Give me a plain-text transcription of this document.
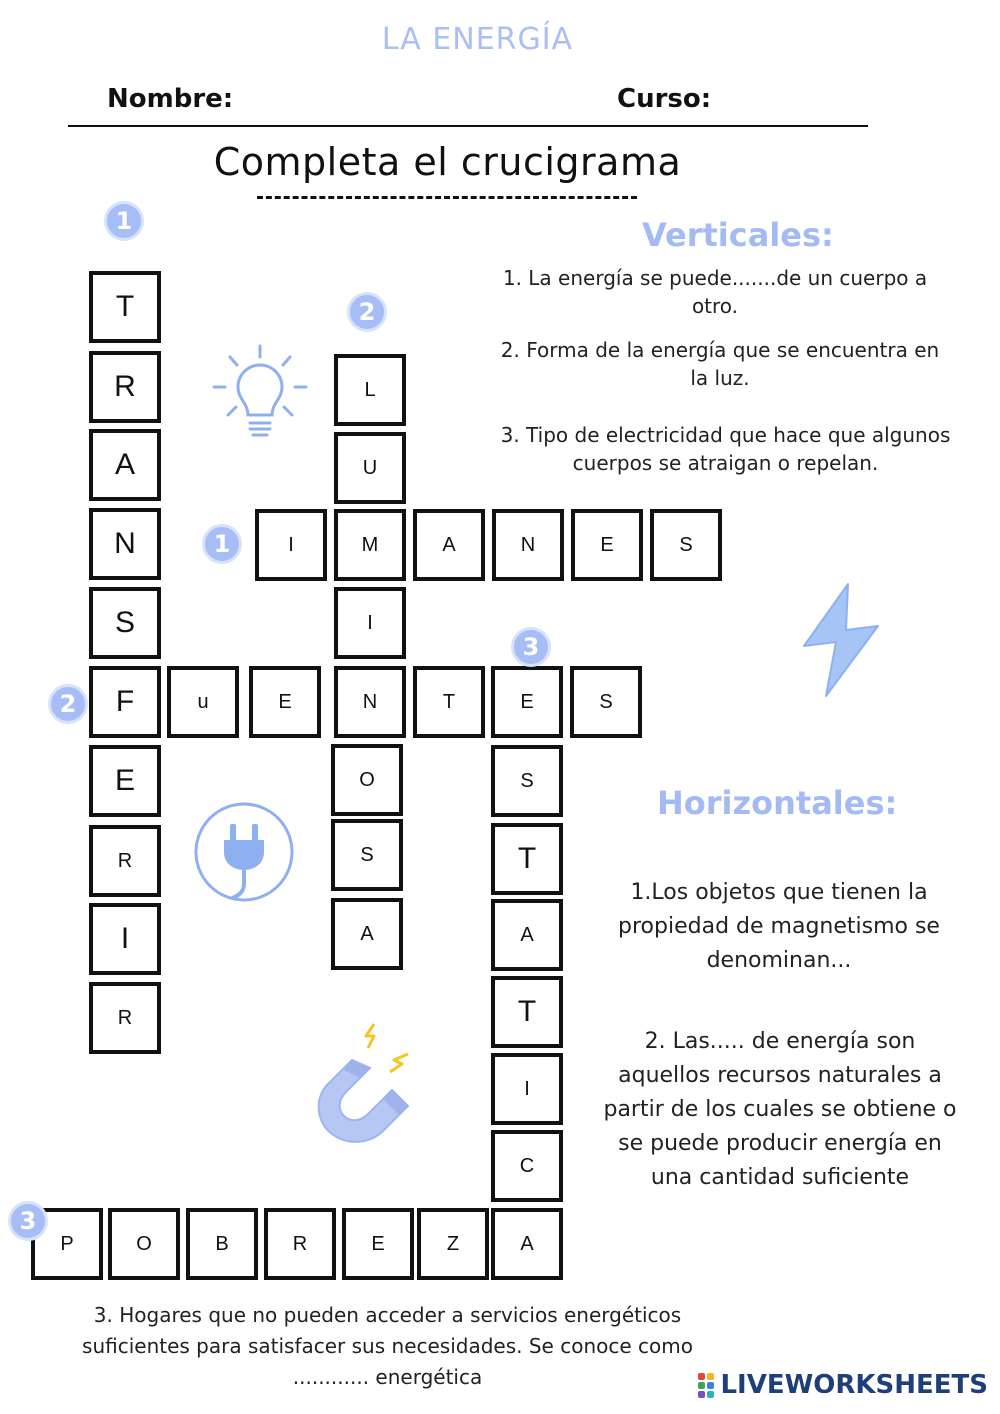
LA ENERGÍA
Nombre:	Curso:
Completa el crucigrama
T
R
A
N
S
F
E
R
I
R
L
U
M
I
N
O
S
A
I	A	N	E	S
u	E	T	E	S
S
T
A
T
I
C
P	O	B	R	E	Z	A
1
2
3
1
2
3
Verticales:
1. La energía se puede.......de un cuerpo a otro.
2. Forma de la energía que se encuentra en la luz.
3. Tipo de electricidad que hace que algunos cuerpos se atraigan o repelan.
Horizontales:
1.Los objetos que tienen la propiedad de magnetismo se denominan...
2. Las..... de energía son aquellos recursos naturales a partir de los cuales se obtiene o se puede producir energía en una cantidad suficiente
3. Hogares que no pueden acceder a servicios energéticos suficientes para satisfacer sus necesidades. Se conoce como ............ energética	LIVEWORKSHEETS
